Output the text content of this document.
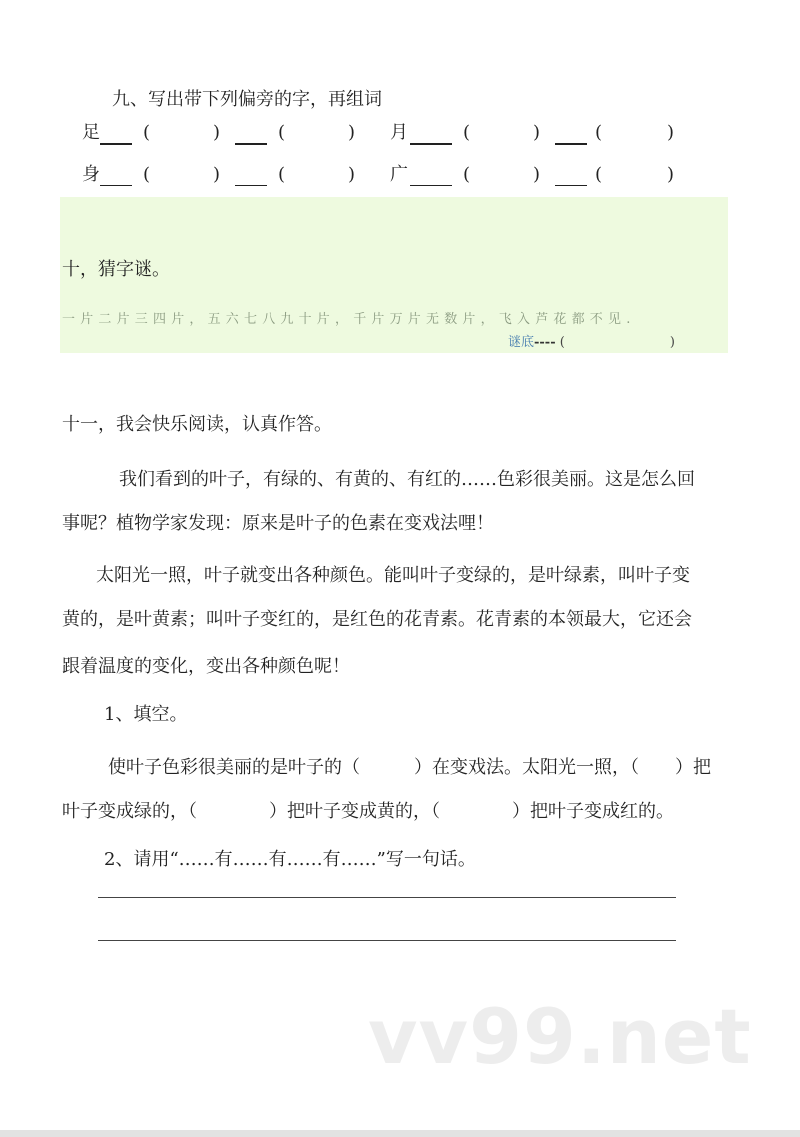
九、写出带下列偏旁的字，再组词
足 (	)	(	) 月	(	)	(	)
身 (	)	(	) 广	(	)	(	)
十，猜字谜。
一片二片三四片，五六七八九十片，千片万片无数片，飞入芦花都不见.
谜底---- (	)
十一，我会快乐阅读，认真作答。
我们看到的叶子，有绿的、有黄的、有红的……色彩很美丽。这是怎么回
事呢？植物学家发现：原来是叶子的色素在变戏法哩！
太阳光一照，叶子就变出各种颜色。能叫叶子变绿的，是叶绿素，叫叶子变
黄的，是叶黄素；叫叶子变红的，是红色的花青素。花青素的本领最大，它还会
跟着温度的变化，变出各种颜色呢！
1、填空。
使叶子色彩很美丽的是叶子的（　　　）在变戏法。太阳光一照，（　　）把
叶子变成绿的，（　　　　）把叶子变成黄的，（　　　　）把叶子变成红的。
2、请用“……有……有……有……”写一句话。
vv99.net
